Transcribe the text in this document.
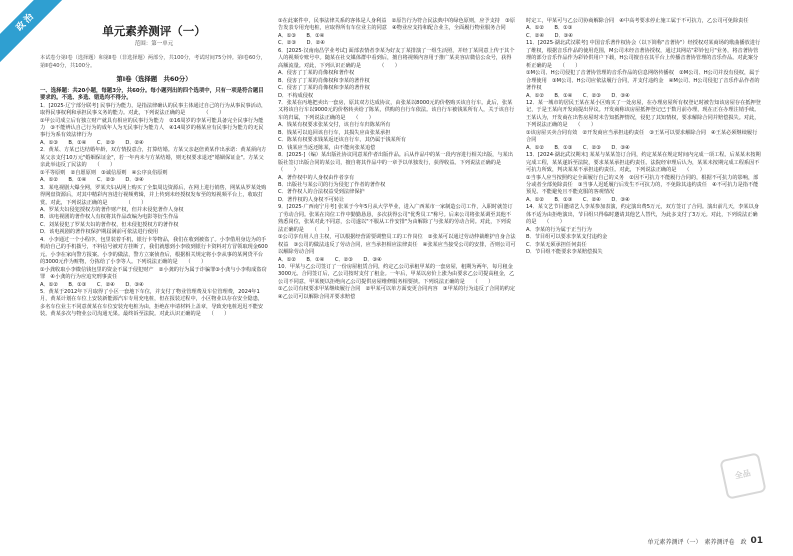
政治	单元素养测评（一）
范围：第一单元

本试卷分第Ⅰ卷（选择题）和第Ⅱ卷（非选择题）两部分，共100分，考试时间75分钟。第Ⅰ卷60分，第Ⅱ卷40分，共100分。

第Ⅰ卷（选择题　共60分）

一、选择题：共20小题，每题3分，共60分。每小题列出的四个选项中，只有一项是符合题目要求的。不选、多选、错选均不得分。

1．[2025·辽宁部分联考] 民事行为能力，是指法律确认的民事主体通过自己的行为从事民事活动，取得民事权利和承担民事义务的能力。对此，下列说法正确的是　　　　（　　）

①甲公司成立后有独立财产就具有相应的民事行为能力　②16周岁的李某可能具备完全民事行为能力　③不能辨认自己行为的成年人为无民事行为能力人　④14周岁的杨某应有民事行为能力的无民事行为系有效法律行为

A．①③　　B．①④　　C．②③　　D．②④

2．黄某、方某已达结婚年龄，双方情投意合，打算结婚。方某父亲赵倍黄某作出承诺：黄某须向方某父亲支付10万元"婚姻保证金"，若一年内未与方某结婚，则无权要求退还"婚姻保证金"。方某父亲此举违反了民法的　　（　　）

①平等原则　②自愿原则　③诚信原则　④公序良俗原则

A．①②　　B．①④　　C．②③　　D．③④

3．某电视剧大爆全网，罗某夫妇从网上购买了全集周边资源后，在网上进行销售，网某从罗某处购得网盘资源后，对其中精彩内容进行视频剪辑，并上传到未经授权发布至的短视频平台上，收取打赏。对此，下列说法正确的是　　　　（　　）

A．罗某夫妇侵犯授权方的著作财产权，但并未侵犯著作人身权

B．该电视剧的著作权人有权将其作品改编为电影等衍生作品

C．刘某侵犯了罗某夫妇的著作权，但未侵犯授权方的著作权

D．该电视剧的著作权保护期届满前可依法进行使用

4．小李通过一个小程序，包里装着手机，银行卡等物品，我们在收到被盗了。小李借用身边为的手机给自己的手机拨号，不料信号被对方挂断了，我们就想到小李收到银行卡资料对方冒领取现金600元。小李在家向警方报案。小李的做法，警方立案侦查后，根据相关规定将小李从事的某网贷平台的3000元作为赃物，分拣给了小李等人。下列说法正确的是　　（　　）

①小龚收取小李微信钱包里的资金不属于侵犯财产　②小龚的行为属于诈骗罪③小龚与小李构成盗窃罪　④小龚的行为应追究刑事责任

A．①②　　B．①③　　C．②④　　D．③④

5．黄某于2012年下月取得了小区一套地下车位，并支付了物业管理费及车位管理费，2024年1月，黄某计划在车位上安装新能源汽车专用充电桩，但在报装过程中，小区物业以存在安全隐患，多名车位业主不同意黄某在车位安装充电桩为由，拒绝在申请材料上盖章，导致充电桩迟迟不能安装。黄某多次与物业公司沟通无果。最终诉至法院。对此认识正确的是　　（　　）

①在此案件中，民事法律关系的客体是人身利益　②原告行为符合民法典中的绿色原则，应予支持　③原告发表专用充电桩，应取得所有车位业主的同意　④物业应支持和配合业主，全面履行物业服务合同

A．①③　　B．①④

C．②③　　D．②④

6．[2025·汉南南昌学业考试] 面部表情者李某为好友丁某排演了一组生活照，并经丁某同意上传于其个人的视频专账号中。随某在社交媒体群中看到后，擅自将视频内容用于推广某美容店微信公众号，获得高额流量。对此，下列认识正确的是　　　　（　　）

A．侵害了丁某的肖像权和著作权

B．侵害了丁某的肖像权和李某的著作权

C．侵害了丁某的肖像权和李某的著作权

D．不构成侵权

7．张某在丙地把卖出一套房，原其双方达成协议，由张某以8000元的价格购买该自行车。此后，张某又将该自行车以9000元的价格转卖给了陈某，供购的自行车依法。该自行车被钱某所有人，关于该自行车的归属，下列说法正确的是　　（　　）

A．钱某有权要求张某交付，该自行车归陈某所有

B．钱某可以追回该自行车，其损失应由张某承担

C．陈某有权要求钱某返还该自行车，其仍属于钱某所有

D．钱某应当返还陈某，由不能向张某追偿

8．[2025·]（编）某出版社协议同意某作者出版作品。后从作品中的某一段内容进行相关出版，与某出版社签订出版合同的某公司，擅自将其作品中的一章予以单独发行，获得收益。下列说法正确的是　　（　　）

A．著作权中的人身权由作者享有

B．出版社与某公司的行为侵犯了作者的著作权

C．著作权人的合法权益受到法律保护

D．著作权的人身权不可转让

9．[2025·广西南宁月考] 张某于今年5月从大学毕业，进入广西某市一家制造公司工作，入职时就签订了劳动合同。张某在岗位工作中勤勤恳恳，多次获得公司"优秀员工"称号。后来公司将张某调至其他不熟悉岗位，张某对此不同意，公司遂以"不服从工作安排"为由解除了与张某的劳动合同。对此，下列说法正确的是　　（　　）

①公司享有用人自主权，可以根据经营需要调整员工的工作岗位　②张某可以通过劳动仲裁维护自身合法权益　③公司的做法违反了劳动合同，应当承担相应法律责任　④张某应当接受公司的安排，否则公司可以解除劳动合同

A．①②　　B．①④　　C．②③　　D．③④

10．甲某与乙公司签订了一份房屋租赁合同，约定乙公司承租甲某的一套房屋，租期为两年，每月租金3000元。合同签订后，乙公司按时支付了租金。一年后，甲某以房价上涨为由要求乙公司提高租金，乙公司不同意，甲某便以拒绝向乙公司提供房屋维修服务相要挟。下列说法正确的是　　（　　）

①乙公司有权要求甲某继续履行合同　②甲某可以单方面变更合同内容　③甲某的行为违反了合同的约定　④乙公司可以解除合同并要求赔偿

时定工，甲某可与乙公司协商解除合同　④中高考要求停止施工属于不可抗力，乙公司可免除责任

A．①②　　B．①③

C．②④　　D．③④

11．[2025·湖北武汉联考] 中国音乐著作权协会（以下简称"音著协"）经授权对某商场的歌曲播放进行了维权，根据音乐作品的使用范围，M公司未经音著协授权，通过其网站"彩铃包月"业务，将音著协管理的部分音乐作品作为彩铃供用户下载，H公司擅自在其平台上传播音著协管理的音乐作品。对此案分析正确的是　　（　　）

①M公司、H公司侵犯了音著协管理的音乐作品的信息网络传播权　②M公司、H公司并没有侵权，属于合理使用　③M公司、H公司应依法履行合同，并支付违约金　④M公司、H公司侵犯了音乐作品作者的著作权

A．①②　　B．①④　　C．②③　　D．③④

12．某一城市的居民王某在某小区购买了一处房屋，在办理房屋所有权登记时被告知该房屋存在抵押登记，于是王某向开发商提出异议。开发商称该房屋抵押登记已于数月前办理，现在正在办理注销手续。王某认为，开发商在出售房屋时未告知抵押情况，侵犯了其知情权，要求解除合同并赔偿损失。对此，下列说法正确的是　　（　　）

①该房屋买卖合同有效　②开发商应当承担违约责任　③王某可以要求解除合同　④王某必须继续履行合同

A．①②　　B．①③　　C．②③　　D．③④

13．[2024·湖北武汉期末] 某某与某某签订合同，约定某某在规定时间内完成一项工程。后某某未按期完成工程，某某遂诉至法院，要求某某承担违约责任。法院经审理后认为，某某未按期完成工程系因不可抗力所致，判决某某不承担违约责任。对此，下列说法正确的是　　（　　）

①当事人应当按照约定全面履行自己的义务　②因不可抗力不能履行合同的，根据不可抗力的影响，部分或者全部免除责任　③当事人迟延履行后发生不可抗力的，不免除其违约责任　④不可抗力是指不能预见、不能避免且不能克服的客观情况

A．①②　　B．①③　　C．②④　　D．③④

14．某文艺节目邀请艺人李某参加表演，约定演出费5万元，双方签订了合同。演出前几天，李某以身体不适为由拒绝演出，节目组只得临时邀请其他艺人替代，为此多支付了3万元。对此，下列说法正确的是　　（　　）

A．李某的行为属于正当行为

B．节目组可以要求李某支付违约金

C．李某无须承担任何责任

D．节目组不能要求李某赔偿损失

全品
单元素养测评（一）　素养测评卷　政 01
